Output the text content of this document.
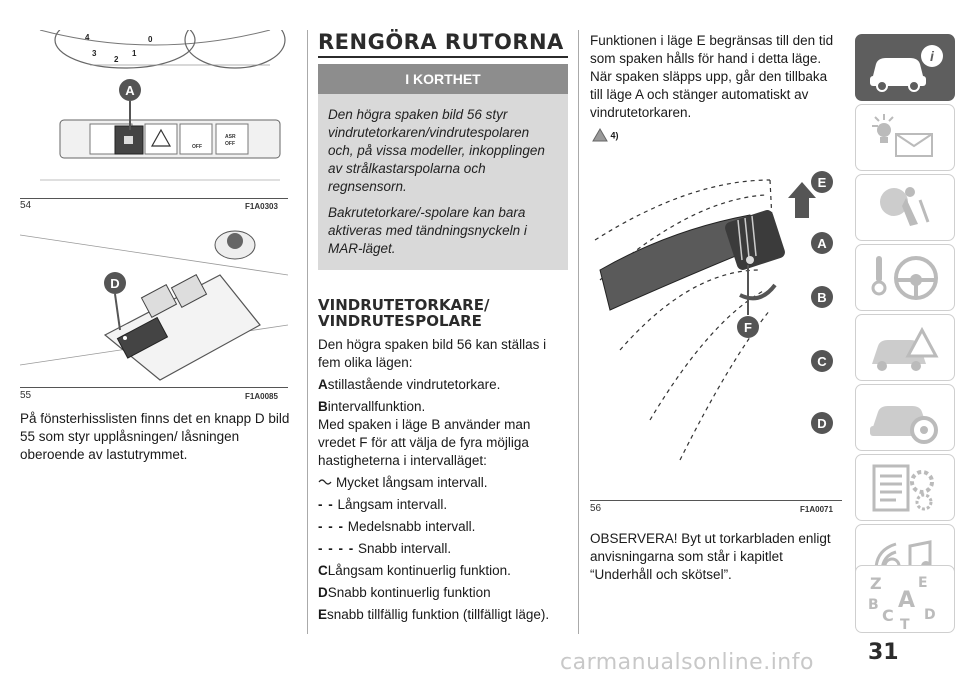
4	0
3
2
1
OFF
ASR
OFF
A
54	F1A0303
D
55	F1A0085
På fönsterhisslisten finns det en knapp D bild 55 som styr upplåsningen/ låsningen oberoende av lastutrymmet.
RENGÖRA RUTORNA
I KORTHET

Den högra spaken bild 56 styr vindrutetorkaren/vindrutespolaren och, på vissa modeller, inkopplingen av strålkastarspolarna och regnsensorn.

Bakrutetorkare/-spolare kan bara aktiveras med tändningsnyckeln i MAR-läget.

VINDRUTETORKARE/
VINDRUTESPOLARE
Den högra spaken bild 56 kan ställas i fem olika lägen:
Astillastående vindrutetorkare.
Bintervallfunktion.
Med spaken i läge B använder man vredet F för att välja de fyra möjliga hastigheterna i intervalläget:
Mycket långsam intervall.
- - Långsam intervall.
- - - Medelsnabb intervall.
- - - - Snabb intervall.
CLångsam kontinuerlig funktion.
DSnabb kontinuerlig funktion
Esnabb tillfällig funktion (tillfälligt läge).
Funktionen i läge E begränsas till den tid som spaken hålls för hand i detta läge. När spaken släpps upp, går den tillbaka till läge A och stänger automatiskt av vindrutetorkaren.
4)
E
A
B
C
D
F
56	F1A0071
OBSERVERA! Byt ut torkarbladen enligt anvisningarna som står i kapitlet “Underhåll och skötsel”.
i
Z	E
A
B
C T
D
31
carmanualsonline.info
